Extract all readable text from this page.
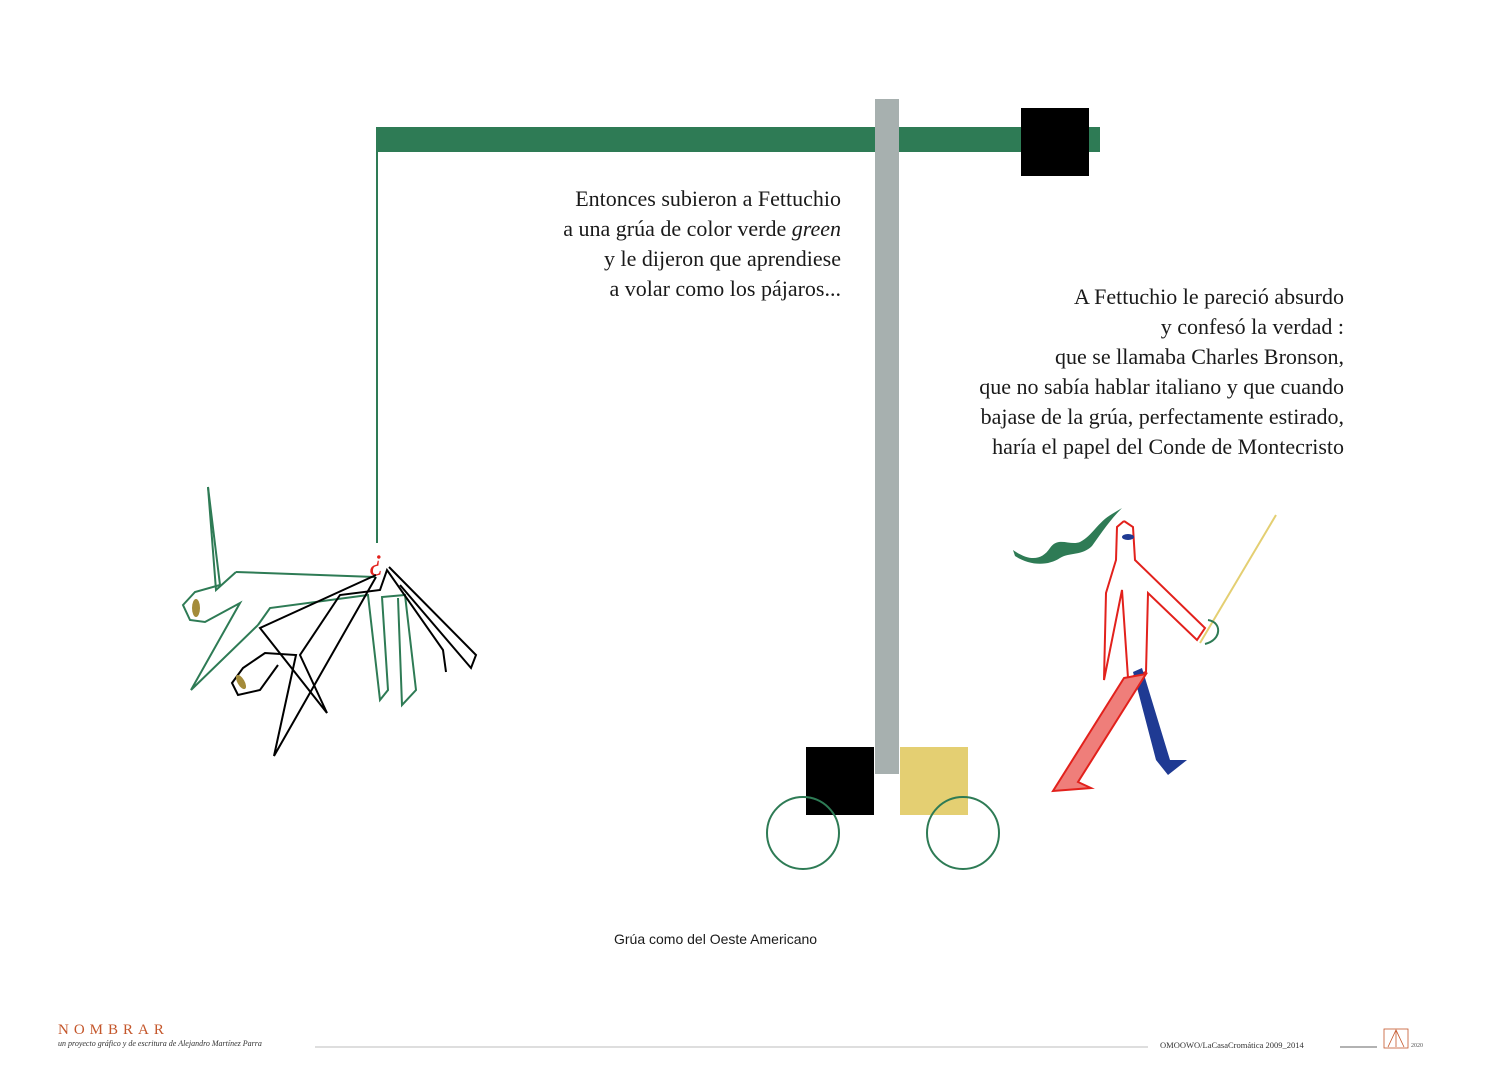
¿
Entonces subieron a Fettuchio
a una grúa de color verde green
y le dijeron que aprendiese
a volar como los pájaros...	A Fettuchio le pareció absurdo
y confesó la verdad :
que se llamaba Charles Bronson,
que no sabía hablar italiano y que cuando
bajase de la grúa, perfectamente estirado,
haría el papel del Conde de Montecristo
Grúa como del Oeste Americano
NOMBRAR
un proyecto gráfico y de escritura de Alejandro Martínez Parra	OMOOWO/LaCasaCromática 2009_2014	2020
